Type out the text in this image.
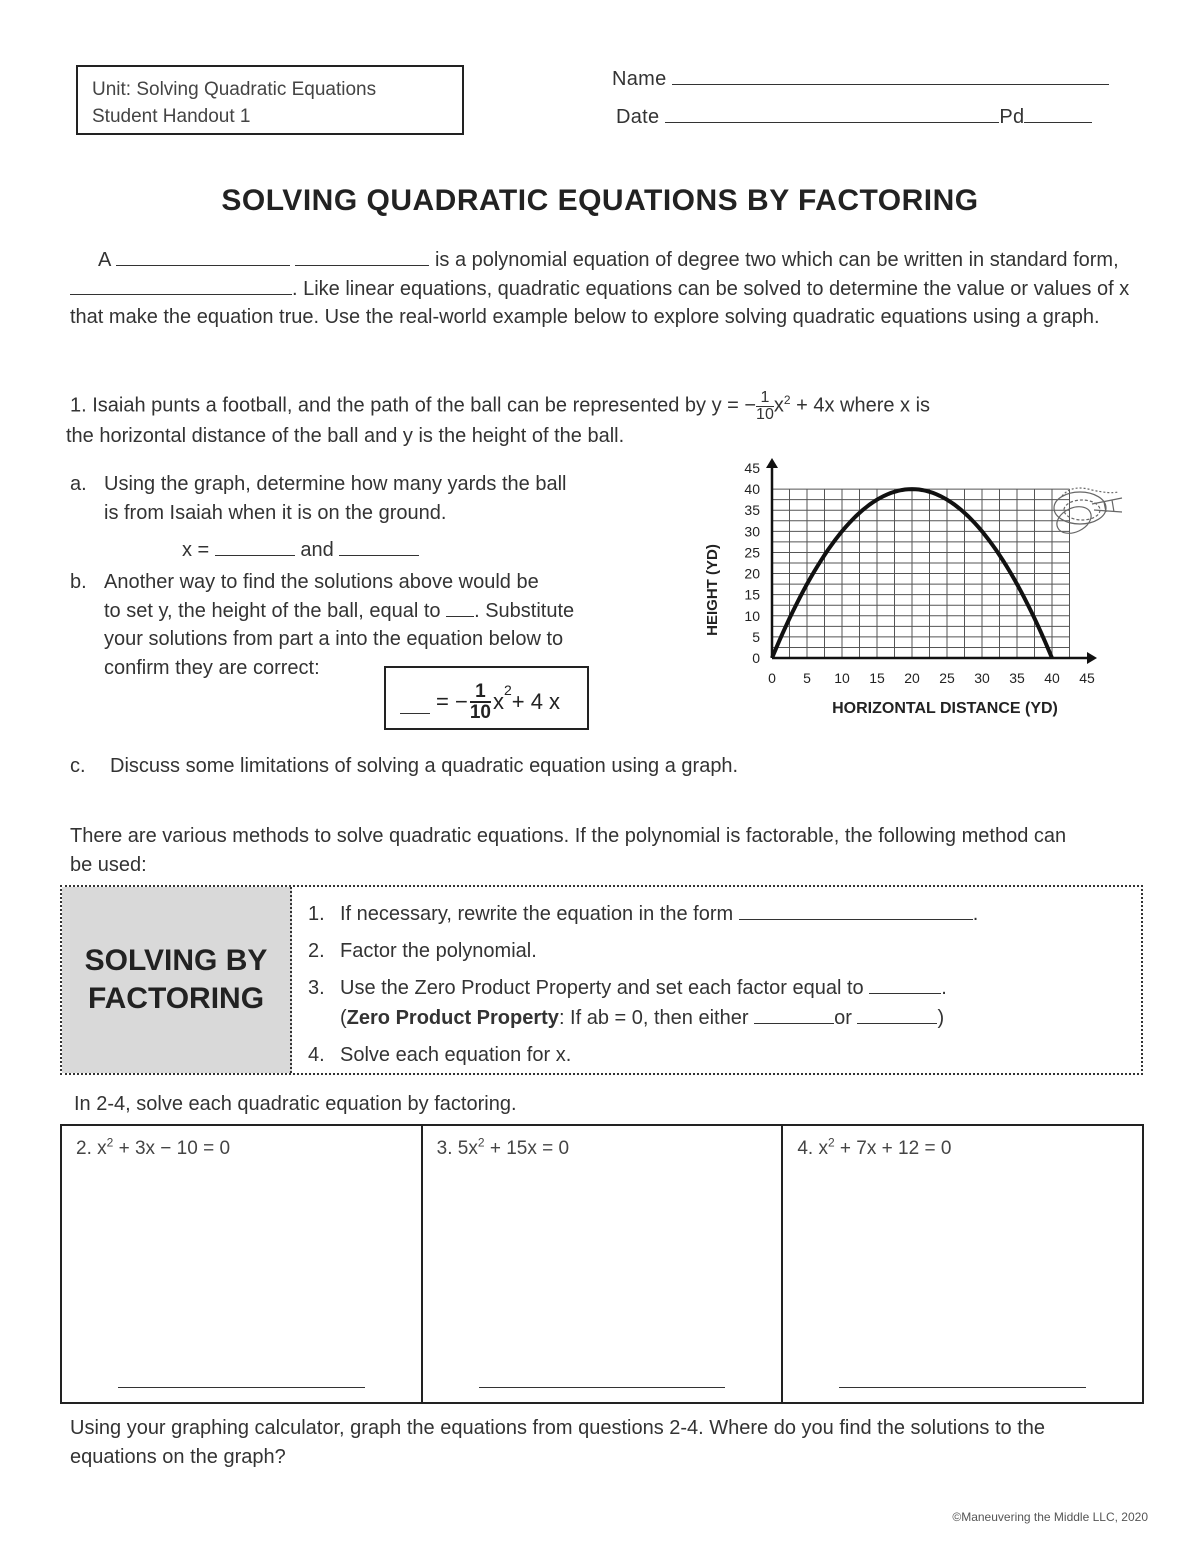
Unit: Solving Quadratic Equations
Student Handout 1
Name
Date	Pd
SOLVING QUADRATIC EQUATIONS BY FACTORING
A	is a polynomial equation of degree two which can be written in standard form, . Like linear equations, quadratic equations can be solved to determine the value or values of x that make the equation true. Use the real-world example below to explore solving quadratic equations using a graph.
1. Isaiah punts a football, and the path of the ball can be represented by y = − $\frac{1}{10} x^2 + 4x$ where x is
the horizontal distance of the ball and y is the height of the ball.
a. Using the graph, determine how many yards the ball
is from Isaiah when it is on the ground.
x =	and
b. Another way to find the solutions above would be
to set y, the height of the ball, equal to . Substitute
your solutions from part a into the equation below to
confirm they are correct:
= − $\frac{1}{10} x^2 + 4$ x
0
5
10
15
20
25
30
35
40
45
0 5 10 15 20 25 30 35 40 45
HORIZONTAL DISTANCE (YD)
HEIGHT (YD)
c. Discuss some limitations of solving a quadratic equation using a graph.
There are various methods to solve quadratic equations. If the polynomial is factorable, the following method can be used:
SOLVING BY
FACTORING
1. If necessary, rewrite the equation in the form	.
2. Factor the polynomial.
3. Use the Zero Product Property and set each factor equal to	.
(Zero Product Property: If ab = 0, then either	or	)
4. Solve each equation for x.
In 2-4, solve each quadratic equation by factoring.
2. $x^2 + 3x - 10 = 0$	3. $5x^2 + 15x = 0$	4. $x^2 + 7x + 12 = 0$
Using your graphing calculator, graph the equations from questions 2-4. Where do you find the solutions to the equations on the graph?
©Maneuvering the Middle LLC, 2020
